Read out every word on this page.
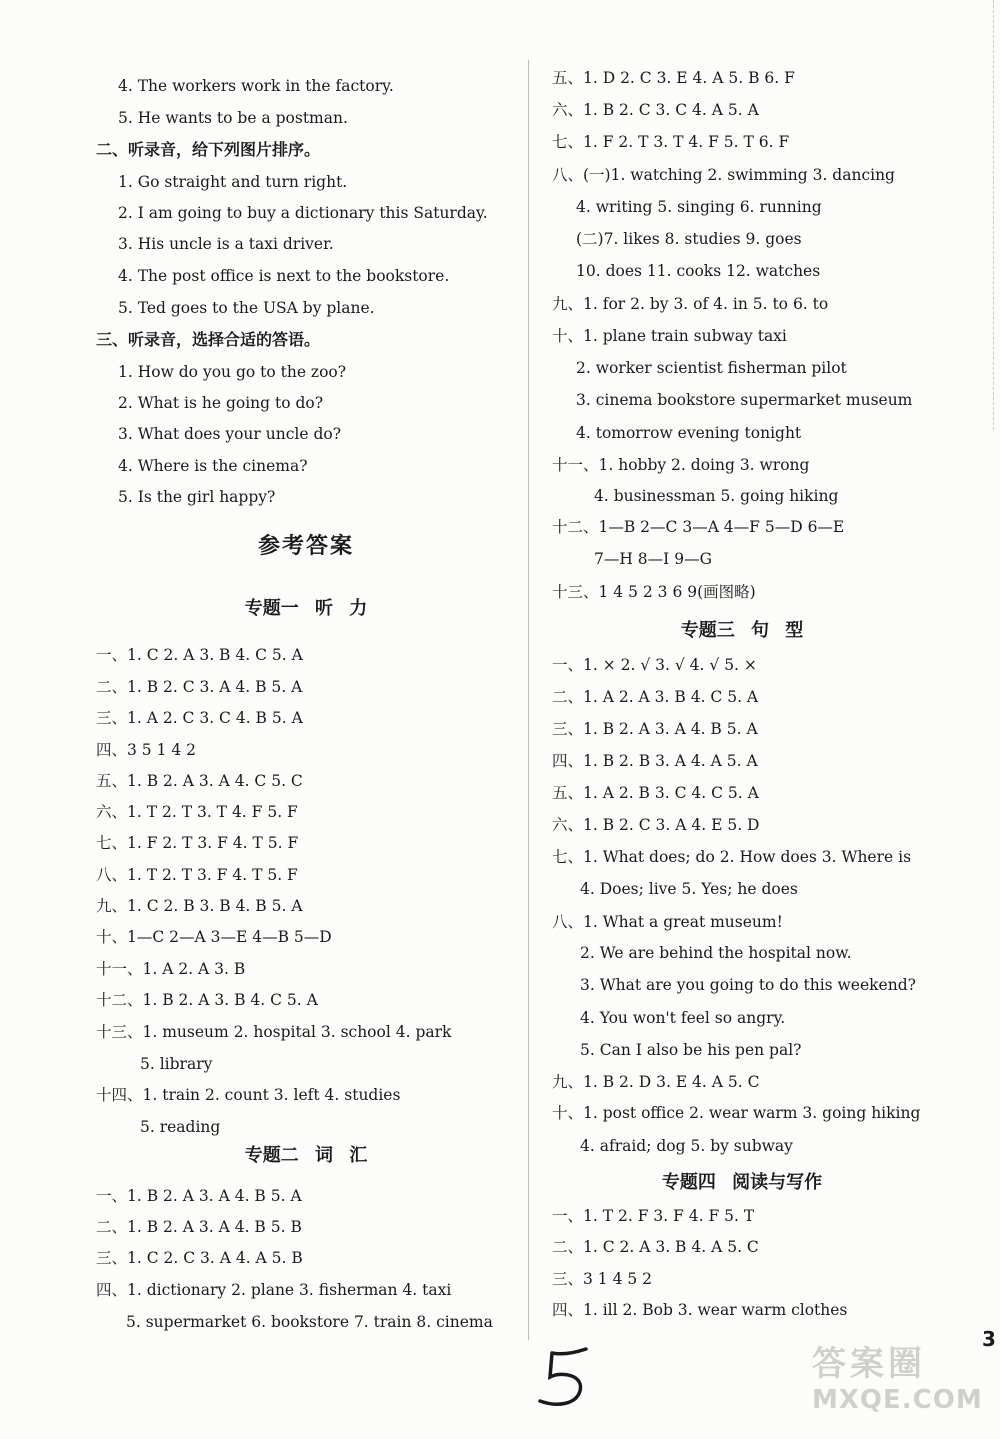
4. The workers work in the factory.
5. He wants to be a postman.
二、听录音，给下列图片排序。
1. Go straight and turn right.
2. I am going to buy a dictionary this Saturday.
3. His uncle is a taxi driver.
4. The post office is next to the bookstore.
5. Ted goes to the USA by plane.
三、听录音，选择合适的答语。
1. How do you go to the zoo?
2. What is he going to do?
3. What does your uncle do?
4. Where is the cinema?
5. Is the girl happy?
参考答案
专题一 听 力
一、1. C 2. A 3. B 4. C 5. A
二、1. B 2. C 3. A 4. B 5. A
三、1. A 2. C 3. C 4. B 5. A
四、3 5 1 4 2
五、1. B 2. A 3. A 4. C 5. C
六、1. T 2. T 3. T 4. F 5. F
七、1. F 2. T 3. F 4. T 5. F
八、1. T 2. T 3. F 4. T 5. F
九、1. C 2. B 3. B 4. B 5. A
十、1—C 2—A 3—E 4—B 5—D
十一、1. A 2. A 3. B
十二、1. B 2. A 3. B 4. C 5. A
十三、1. museum 2. hospital 3. school 4. park
5. library
十四、1. train 2. count 3. left 4. studies
5. reading
专题二 词 汇
一、1. B 2. A 3. A 4. B 5. A
二、1. B 2. A 3. A 4. B 5. B
三、1. C 2. C 3. A 4. A 5. B
四、1. dictionary 2. plane 3. fisherman 4. taxi
5. supermarket 6. bookstore 7. train 8. cinema
五、1. D 2. C 3. E 4. A 5. B 6. F
六、1. B 2. C 3. C 4. A 5. A
七、1. F 2. T 3. T 4. F 5. T 6. F
八、(一)1. watching 2. swimming 3. dancing
4. writing 5. singing 6. running
(二)7. likes 8. studies 9. goes
10. does 11. cooks 12. watches
九、1. for 2. by 3. of 4. in 5. to 6. to
十、1. plane train subway taxi
2. worker scientist fisherman pilot
3. cinema bookstore supermarket museum
4. tomorrow evening tonight
十一、1. hobby 2. doing 3. wrong
4. businessman 5. going hiking
十二、1—B 2—C 3—A 4—F 5—D 6—E
7—H 8—I 9—G
十三、1 4 5 2 3 6 9(画图略)
专题三 句 型
一、1. × 2. √ 3. √ 4. √ 5. ×
二、1. A 2. A 3. B 4. C 5. A
三、1. B 2. A 3. A 4. B 5. A
四、1. B 2. B 3. A 4. A 5. A
五、1. A 2. B 3. C 4. C 5. A
六、1. B 2. C 3. A 4. E 5. D
七、1. What does; do 2. How does 3. Where is
4. Does; live 5. Yes; he does
八、1. What a great museum!
2. We are behind the hospital now.
3. What are you going to do this weekend?
4. You won't feel so angry.
5. Can I also be his pen pal?
九、1. B 2. D 3. E 4. A 5. C
十、1. post office 2. wear warm 3. going hiking
4. afraid; dog 5. by subway
专题四 阅读与写作
一、1. T 2. F 3. F 4. F 5. T
二、1. C 2. A 3. B 4. A 5. C
三、3 1 4 5 2
四、1. ill 2. Bob 3. wear warm clothes
3
答案圈
MXQE.COM
